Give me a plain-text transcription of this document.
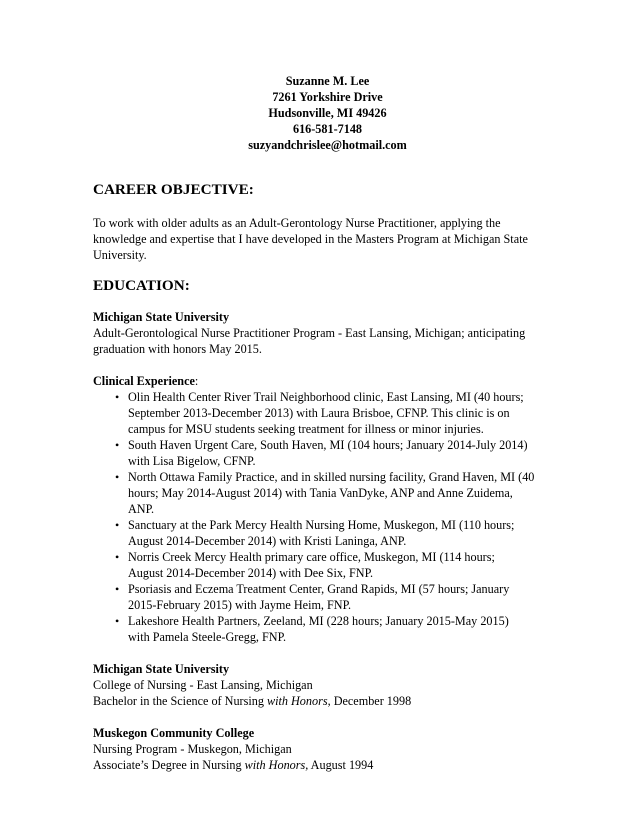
Suzanne M. Lee
7261 Yorkshire Drive
Hudsonville, MI 49426
616-581-7148
suzyandchrislee@hotmail.com
CAREER OBJECTIVE:
To work with older adults as an Adult-Gerontology Nurse Practitioner, applying the
knowledge and expertise that I have developed in the Masters Program at Michigan State
University.
EDUCATION:
Michigan State University
Adult-Gerontological Nurse Practitioner Program - East Lansing, Michigan; anticipating
graduation with honors May 2015.
Clinical Experience:
• Olin Health Center River Trail Neighborhood clinic, East Lansing, MI (40 hours;
September 2013-December 2013) with Laura Brisboe, CFNP. This clinic is on
campus for MSU students seeking treatment for illness or minor injuries.
• South Haven Urgent Care, South Haven, MI (104 hours; January 2014-July 2014)
with Lisa Bigelow, CFNP.
• North Ottawa Family Practice, and in skilled nursing facility, Grand Haven, MI (40
hours; May 2014-August 2014) with Tania VanDyke, ANP and Anne Zuidema,
ANP.
• Sanctuary at the Park Mercy Health Nursing Home, Muskegon, MI (110 hours;
August 2014-December 2014) with Kristi Laninga, ANP.
• Norris Creek Mercy Health primary care office, Muskegon, MI (114 hours;
August 2014-December 2014) with Dee Six, FNP.
• Psoriasis and Eczema Treatment Center, Grand Rapids, MI (57 hours; January
2015-February 2015) with Jayme Heim, FNP.
• Lakeshore Health Partners, Zeeland, MI (228 hours; January 2015-May 2015)
with Pamela Steele-Gregg, FNP.
Michigan State University
College of Nursing - East Lansing, Michigan
Bachelor in the Science of Nursing with Honors, December 1998
Muskegon Community College
Nursing Program - Muskegon, Michigan
Associate’s Degree in Nursing with Honors, August 1994
